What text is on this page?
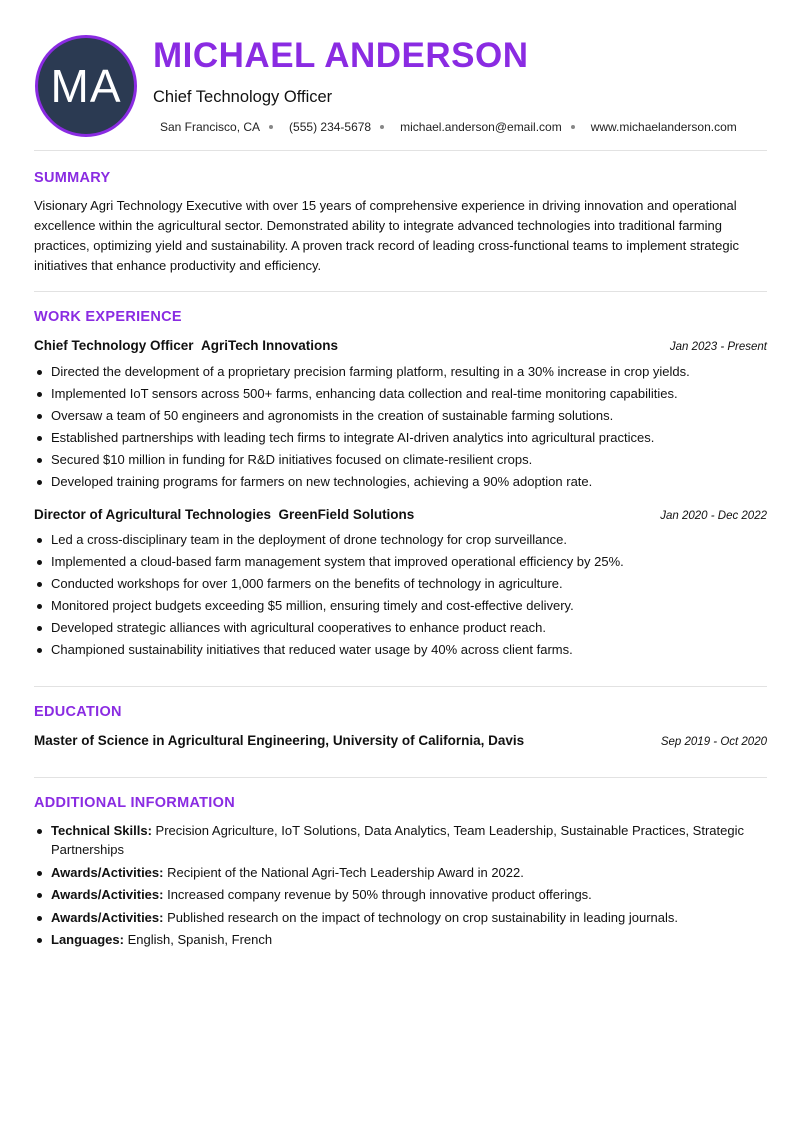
MA
MICHAEL ANDERSON
Chief Technology Officer
San Francisco, CA (555) 234-5678 michael.anderson@email.com www.michaelanderson.com
SUMMARY

Visionary Agri Technology Executive with over 15 years of comprehensive experience in driving innovation and operational excellence within the agricultural sector. Demonstrated ability to integrate advanced technologies into traditional farming practices, optimizing yield and sustainability. A proven track record of leading cross-functional teams to implement strategic initiatives that enhance productivity and efficiency.

WORK EXPERIENCE
Chief Technology Officer AgriTech Innovations	Jan 2023 - Present
Directed the development of a proprietary precision farming platform, resulting in a 30% increase in crop yields.
Implemented IoT sensors across 500+ farms, enhancing data collection and real-time monitoring capabilities.
Oversaw a team of 50 engineers and agronomists in the creation of sustainable farming solutions.
Established partnerships with leading tech firms to integrate AI-driven analytics into agricultural practices.
Secured $10 million in funding for R&D initiatives focused on climate-resilient crops.
Developed training programs for farmers on new technologies, achieving a 90% adoption rate.
Director of Agricultural Technologies GreenField Solutions	Jan 2020 - Dec 2022
Led a cross-disciplinary team in the deployment of drone technology for crop surveillance.
Implemented a cloud-based farm management system that improved operational efficiency by 25%.
Conducted workshops for over 1,000 farmers on the benefits of technology in agriculture.
Monitored project budgets exceeding $5 million, ensuring timely and cost-effective delivery.
Developed strategic alliances with agricultural cooperatives to enhance product reach.
Championed sustainability initiatives that reduced water usage by 40% across client farms.
EDUCATION
Master of Science in Agricultural Engineering, University of California, Davis	Sep 2019 - Oct 2020
ADDITIONAL INFORMATION
Technical Skills: Precision Agriculture, IoT Solutions, Data Analytics, Team Leadership, Sustainable Practices, Strategic Partnerships
Awards/Activities: Recipient of the National Agri-Tech Leadership Award in 2022.
Awards/Activities: Increased company revenue by 50% through innovative product offerings.
Awards/Activities: Published research on the impact of technology on crop sustainability in leading journals.
Languages: English, Spanish, French
